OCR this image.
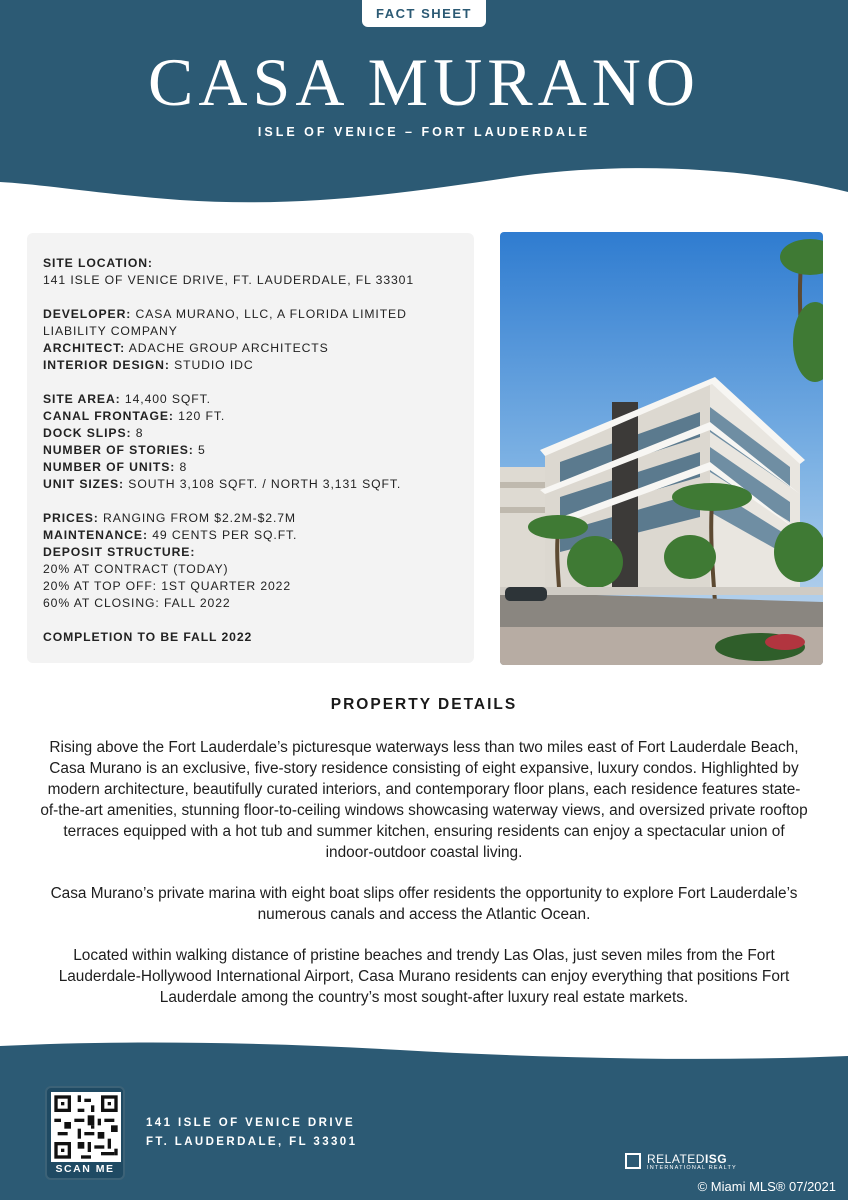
FACT SHEET
CASA MURANO
ISLE OF VENICE – FORT LAUDERDALE
SITE LOCATION:
141 ISLE OF VENICE DRIVE, FT. LAUDERDALE, FL 33301
DEVELOPER: CASA MURANO, LLC, A FLORIDA LIMITED LIABILITY COMPANY
ARCHITECT: ADACHE GROUP ARCHITECTS
INTERIOR DESIGN: STUDIO IDC
SITE AREA: 14,400 SQFT.
CANAL FRONTAGE: 120 FT.
DOCK SLIPS: 8
NUMBER OF STORIES: 5
NUMBER OF UNITS: 8
UNIT SIZES: SOUTH 3,108 SQFT. / NORTH 3,131 SQFT.
PRICES: RANGING FROM $2.2M-$2.7M
MAINTENANCE: 49 CENTS PER SQ.FT.
DEPOSIT STRUCTURE:
20% AT CONTRACT (TODAY)
20% AT TOP OFF: 1ST QUARTER 2022
60% AT CLOSING: FALL 2022
COMPLETION TO BE FALL 2022
PROPERTY DETAILS

Rising above the Fort Lauderdale’s picturesque waterways less than two miles east of Fort Lauderdale Beach, Casa Murano is an exclusive, five-story residence consisting of eight expansive, luxury condos. Highlighted by modern architecture, beautifully curated interiors, and contemporary floor plans, each residence features state-of-the-art amenities, stunning floor-to-ceiling windows showcasing waterway views, and oversized private rooftop terraces equipped with a hot tub and summer kitchen, ensuring residents can enjoy a spectacular union of indoor-outdoor coastal living.

Casa Murano’s private marina with eight boat slips offer residents the opportunity to explore Fort Lauderdale’s numerous canals and access the Atlantic Ocean.

Located within walking distance of pristine beaches and trendy Las Olas, just seven miles from the Fort Lauderdale-Hollywood International Airport, Casa Murano residents can enjoy everything that positions Fort Lauderdale among the country’s most sought-after luxury real estate markets.

SCAN ME
141 ISLE OF VENICE DRIVE
FT. LAUDERDALE, FL 33301
RELATEDISG
INTERNATIONAL REALTY
© Miami MLS® 07/2021
